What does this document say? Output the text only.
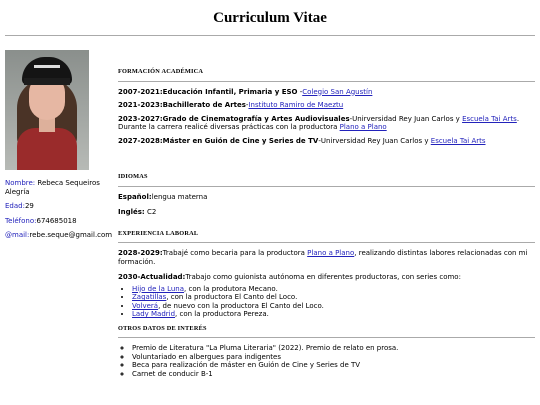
Curriculum Vitae
Nombre: Rebeca Sequeiros Alegría
Edad:29
Teléfono:674685018
@mail:rebe.seque@gmail.com
FORMACIÓN ACADÉMICA
2007-2021:Educación Infantil, Primaria y ESO -Colegio San Agustín
2021-2023:Bachillerato de Artes-Instituto Ramiro de Maeztu
2023-2027:Grado de Cinematografía y Artes Audiovisuales-Unirversidad Rey Juan Carlos y Escuela Tai Arts.
Durante la carrera realicé diversas prácticas con la productora Plano a Plano
2027-2028:Máster en Guión de Cine y Series de TV-Unirversidad Rey Juan Carlos y Escuela Tai Arts
IDIOMAS
Español:lengua materna
Inglés: C2
EXPERIENCIA LABORAL
2028-2029:Trabajé como becaria para la productora Plano a Plano, realizando distintas labores relacionadas con mi formación.
2030-Actualidad:Trabajo como guionista autónoma en diferentes productoras, con series como:
• Hijo de la Luna, con la produtora Mecano.
• Zagatillas, con la productora El Canto del Loco.
• Volverá, de nuevo con la productora El Canto del Loco.
• Lady Madrid, con la productora Pereza.
OTROS DATOS DE INTERÉS
◦ Premio de Literatura "La Pluma Literaria" (2022). Premio de relato en prosa.
◦ Voluntariado en albergues para indigentes
◦ Beca para realización de máster en Guión de Cine y Series de TV
◦ Carnet de conducir B-1
